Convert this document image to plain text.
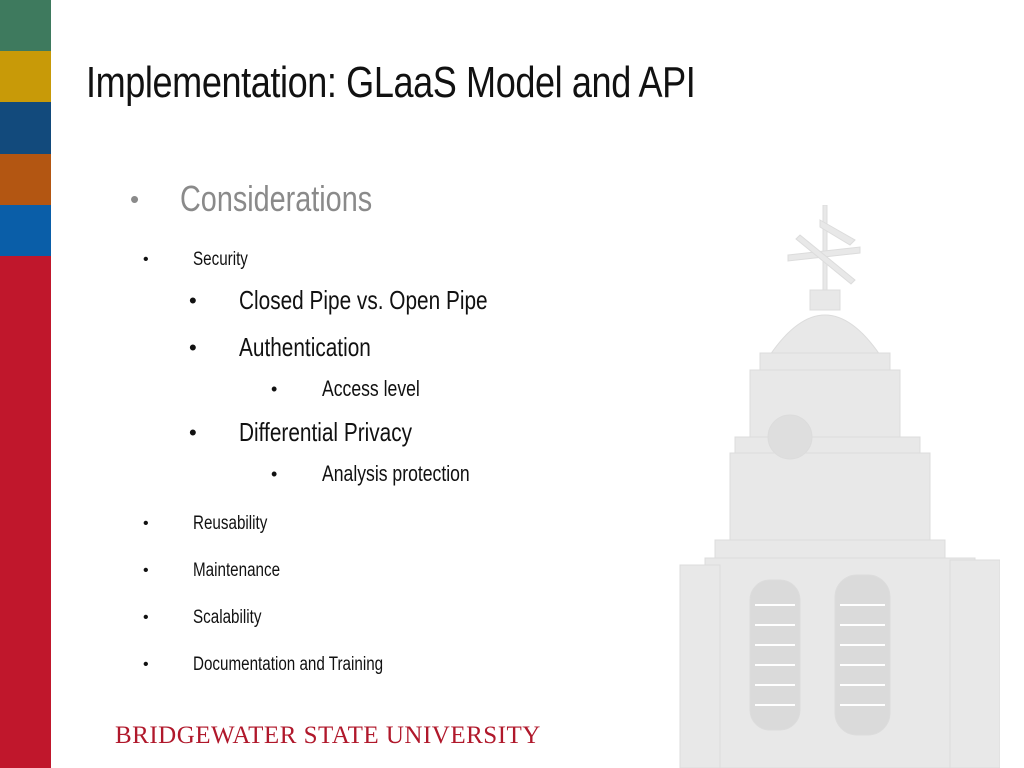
Implementation: GLaaS Model and API
• Considerations
• Security
• Closed Pipe vs. Open Pipe
• Authentication
• Access level
• Differential Privacy
• Analysis protection
• Reusability
• Maintenance
• Scalability
• Documentation and Training
BRIDGEWATER STATE UNIVERSITY
